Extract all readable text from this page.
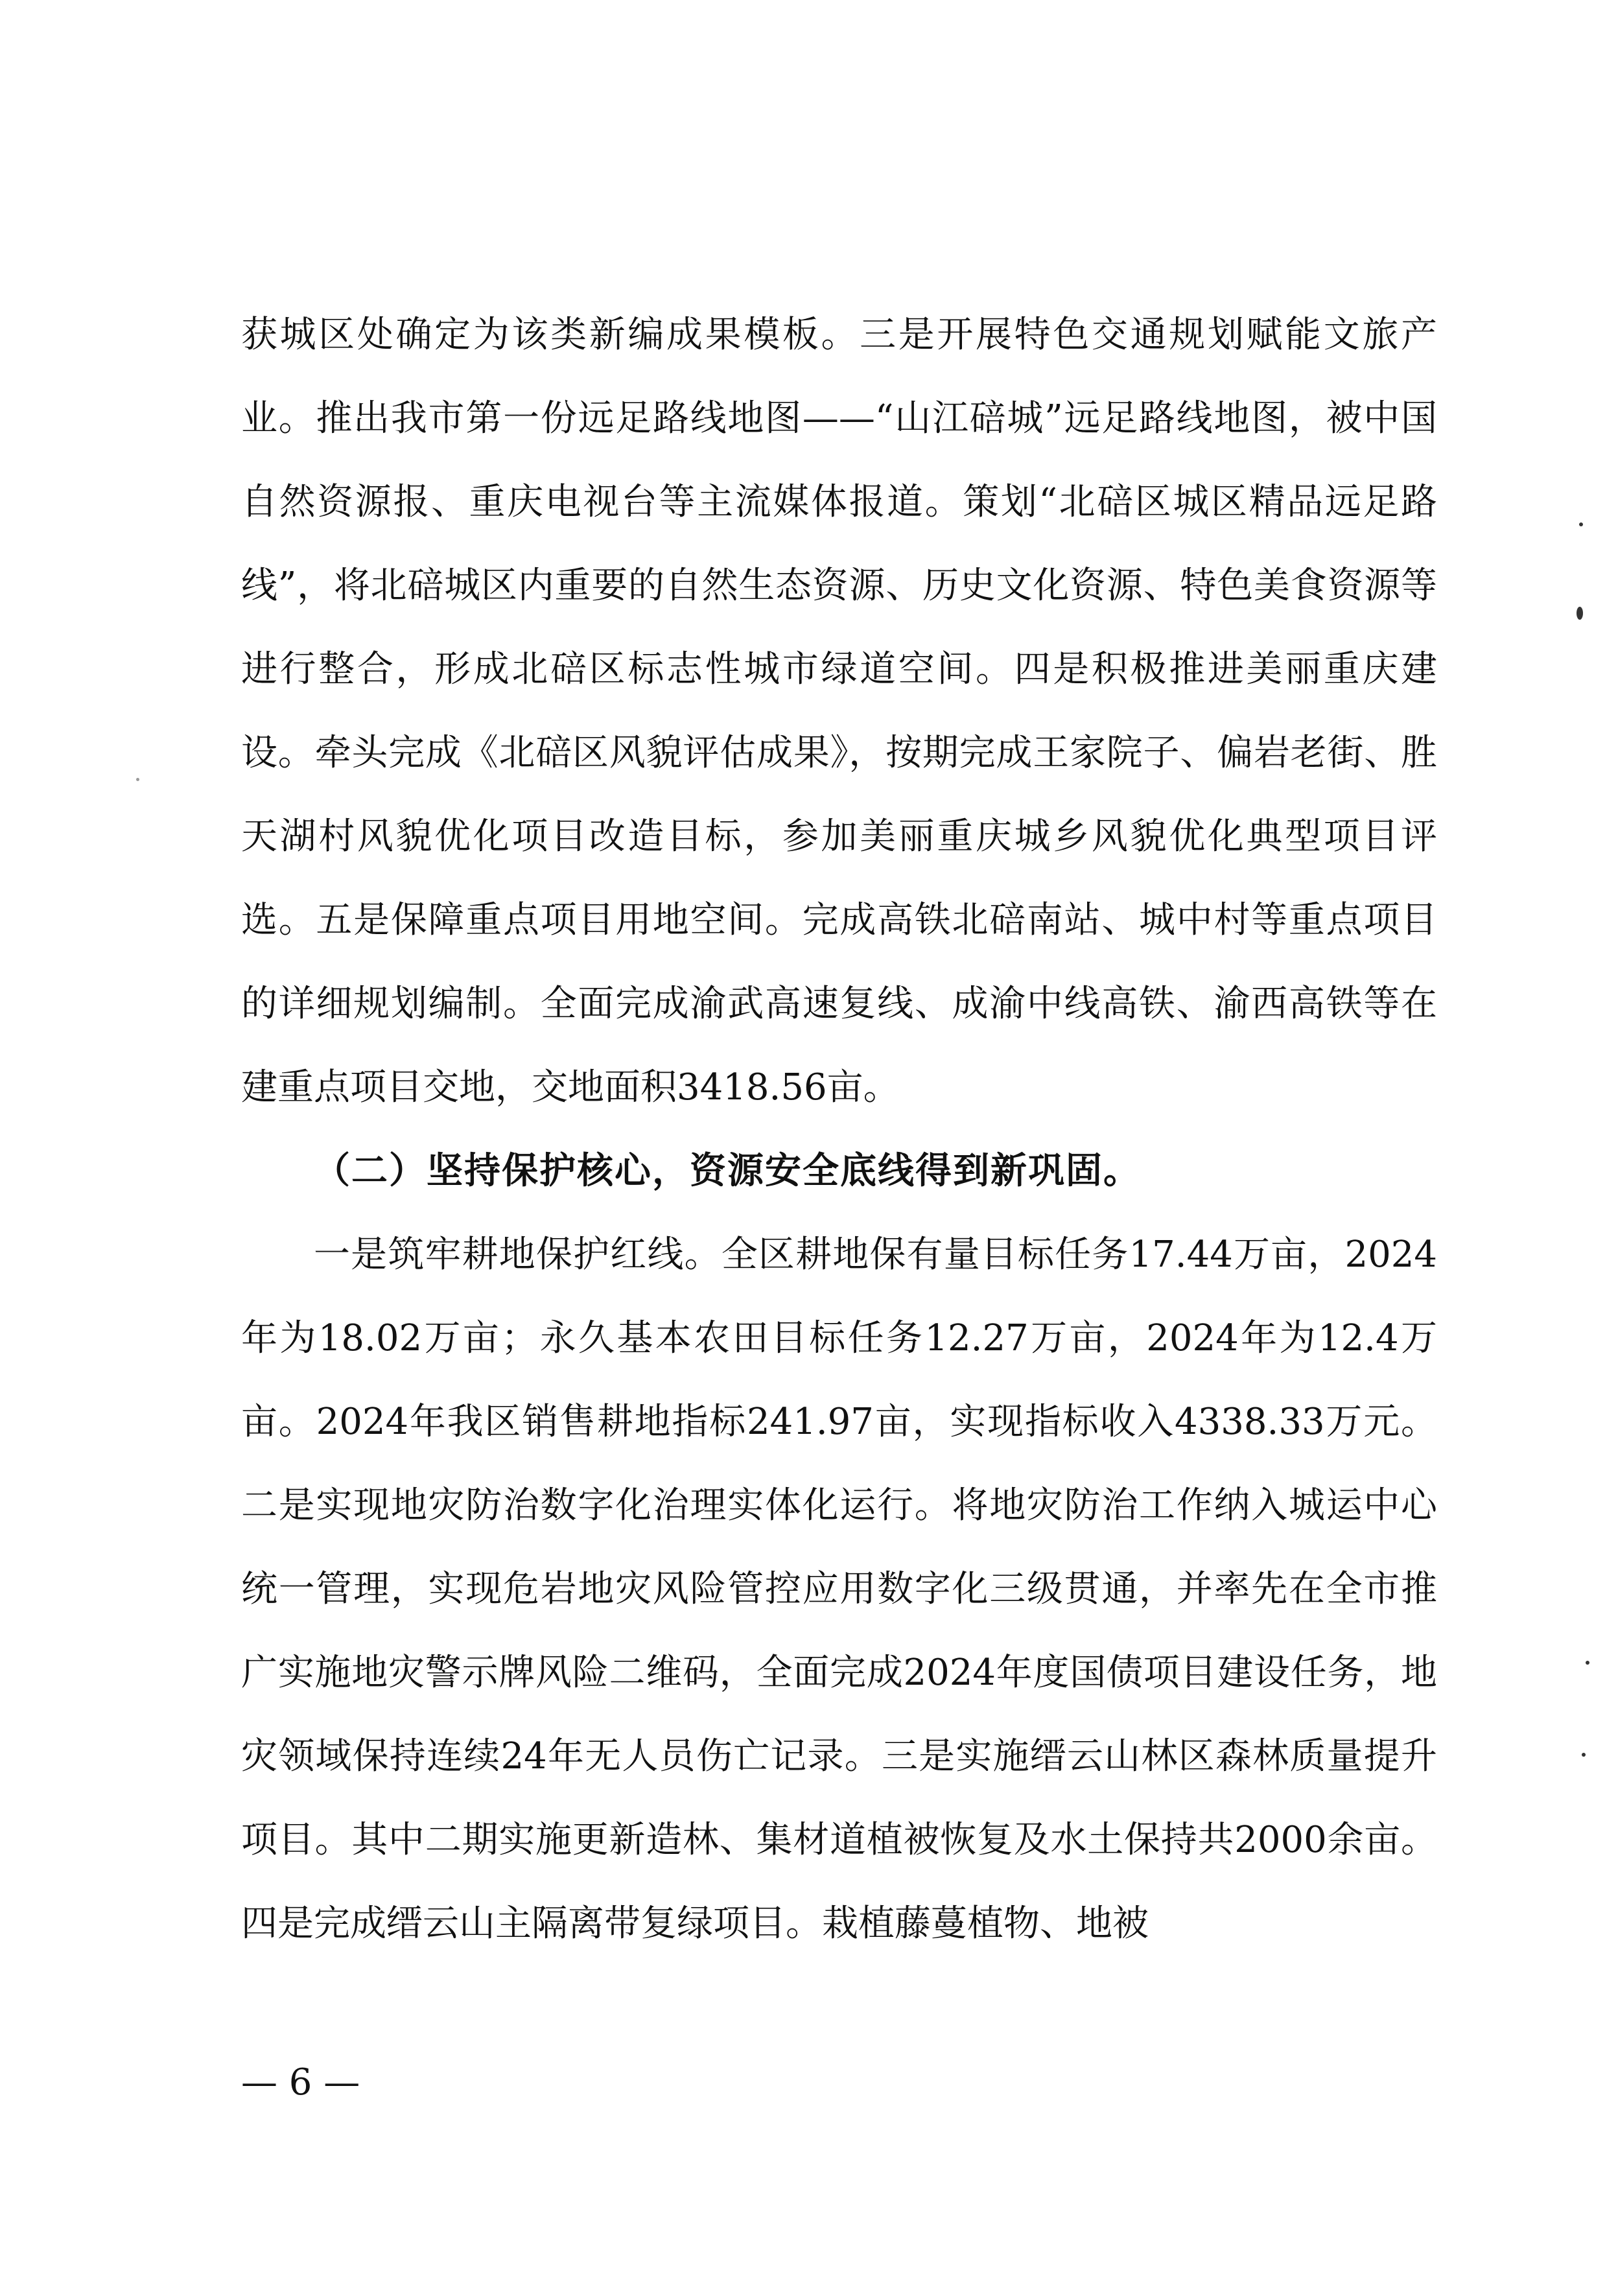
获城区处确定为该类新编成果模板。三是开展特色交通规划赋能文旅产业。推出我市第一份远足路线地图——“山江碚城”远足路线地图，被中国自然资源报、重庆电视台等主流媒体报道。策划“北碚区城区精品远足路线”，将北碚城区内重要的自然生态资源、历史文化资源、特色美食资源等进行整合，形成北碚区标志性城市绿道空间。四是积极推进美丽重庆建设。牵头完成《北碚区风貌评估成果》，按期完成王家院子、偏岩老街、胜天湖村风貌优化项目改造目标，参加美丽重庆城乡风貌优化典型项目评选。五是保障重点项目用地空间。完成高铁北碚南站、城中村等重点项目的详细规划编制。全面完成渝武高速复线、成渝中线高铁、渝西高铁等在建重点项目交地，交地面积3418.56亩。

（二）坚持保护核心，资源安全底线得到新巩固。

一是筑牢耕地保护红线。全区耕地保有量目标任务17.44万亩，2024年为18.02万亩；永久基本农田目标任务12.27万亩，2024年为12.4万亩。2024年我区销售耕地指标241.97亩，实现指标收入4338.33万元。二是实现地灾防治数字化治理实体化运行。将地灾防治工作纳入城运中心统一管理，实现危岩地灾风险管控应用数字化三级贯通，并率先在全市推广实施地灾警示牌风险二维码，全面完成2024年度国债项目建设任务，地灾领域保持连续24年无人员伤亡记录。三是实施缙云山林区森林质量提升项目。其中二期实施更新造林、集材道植被恢复及水土保持共2000余亩。四是完成缙云山主隔离带复绿项目。栽植藤蔓植物、地被

— 6 —
